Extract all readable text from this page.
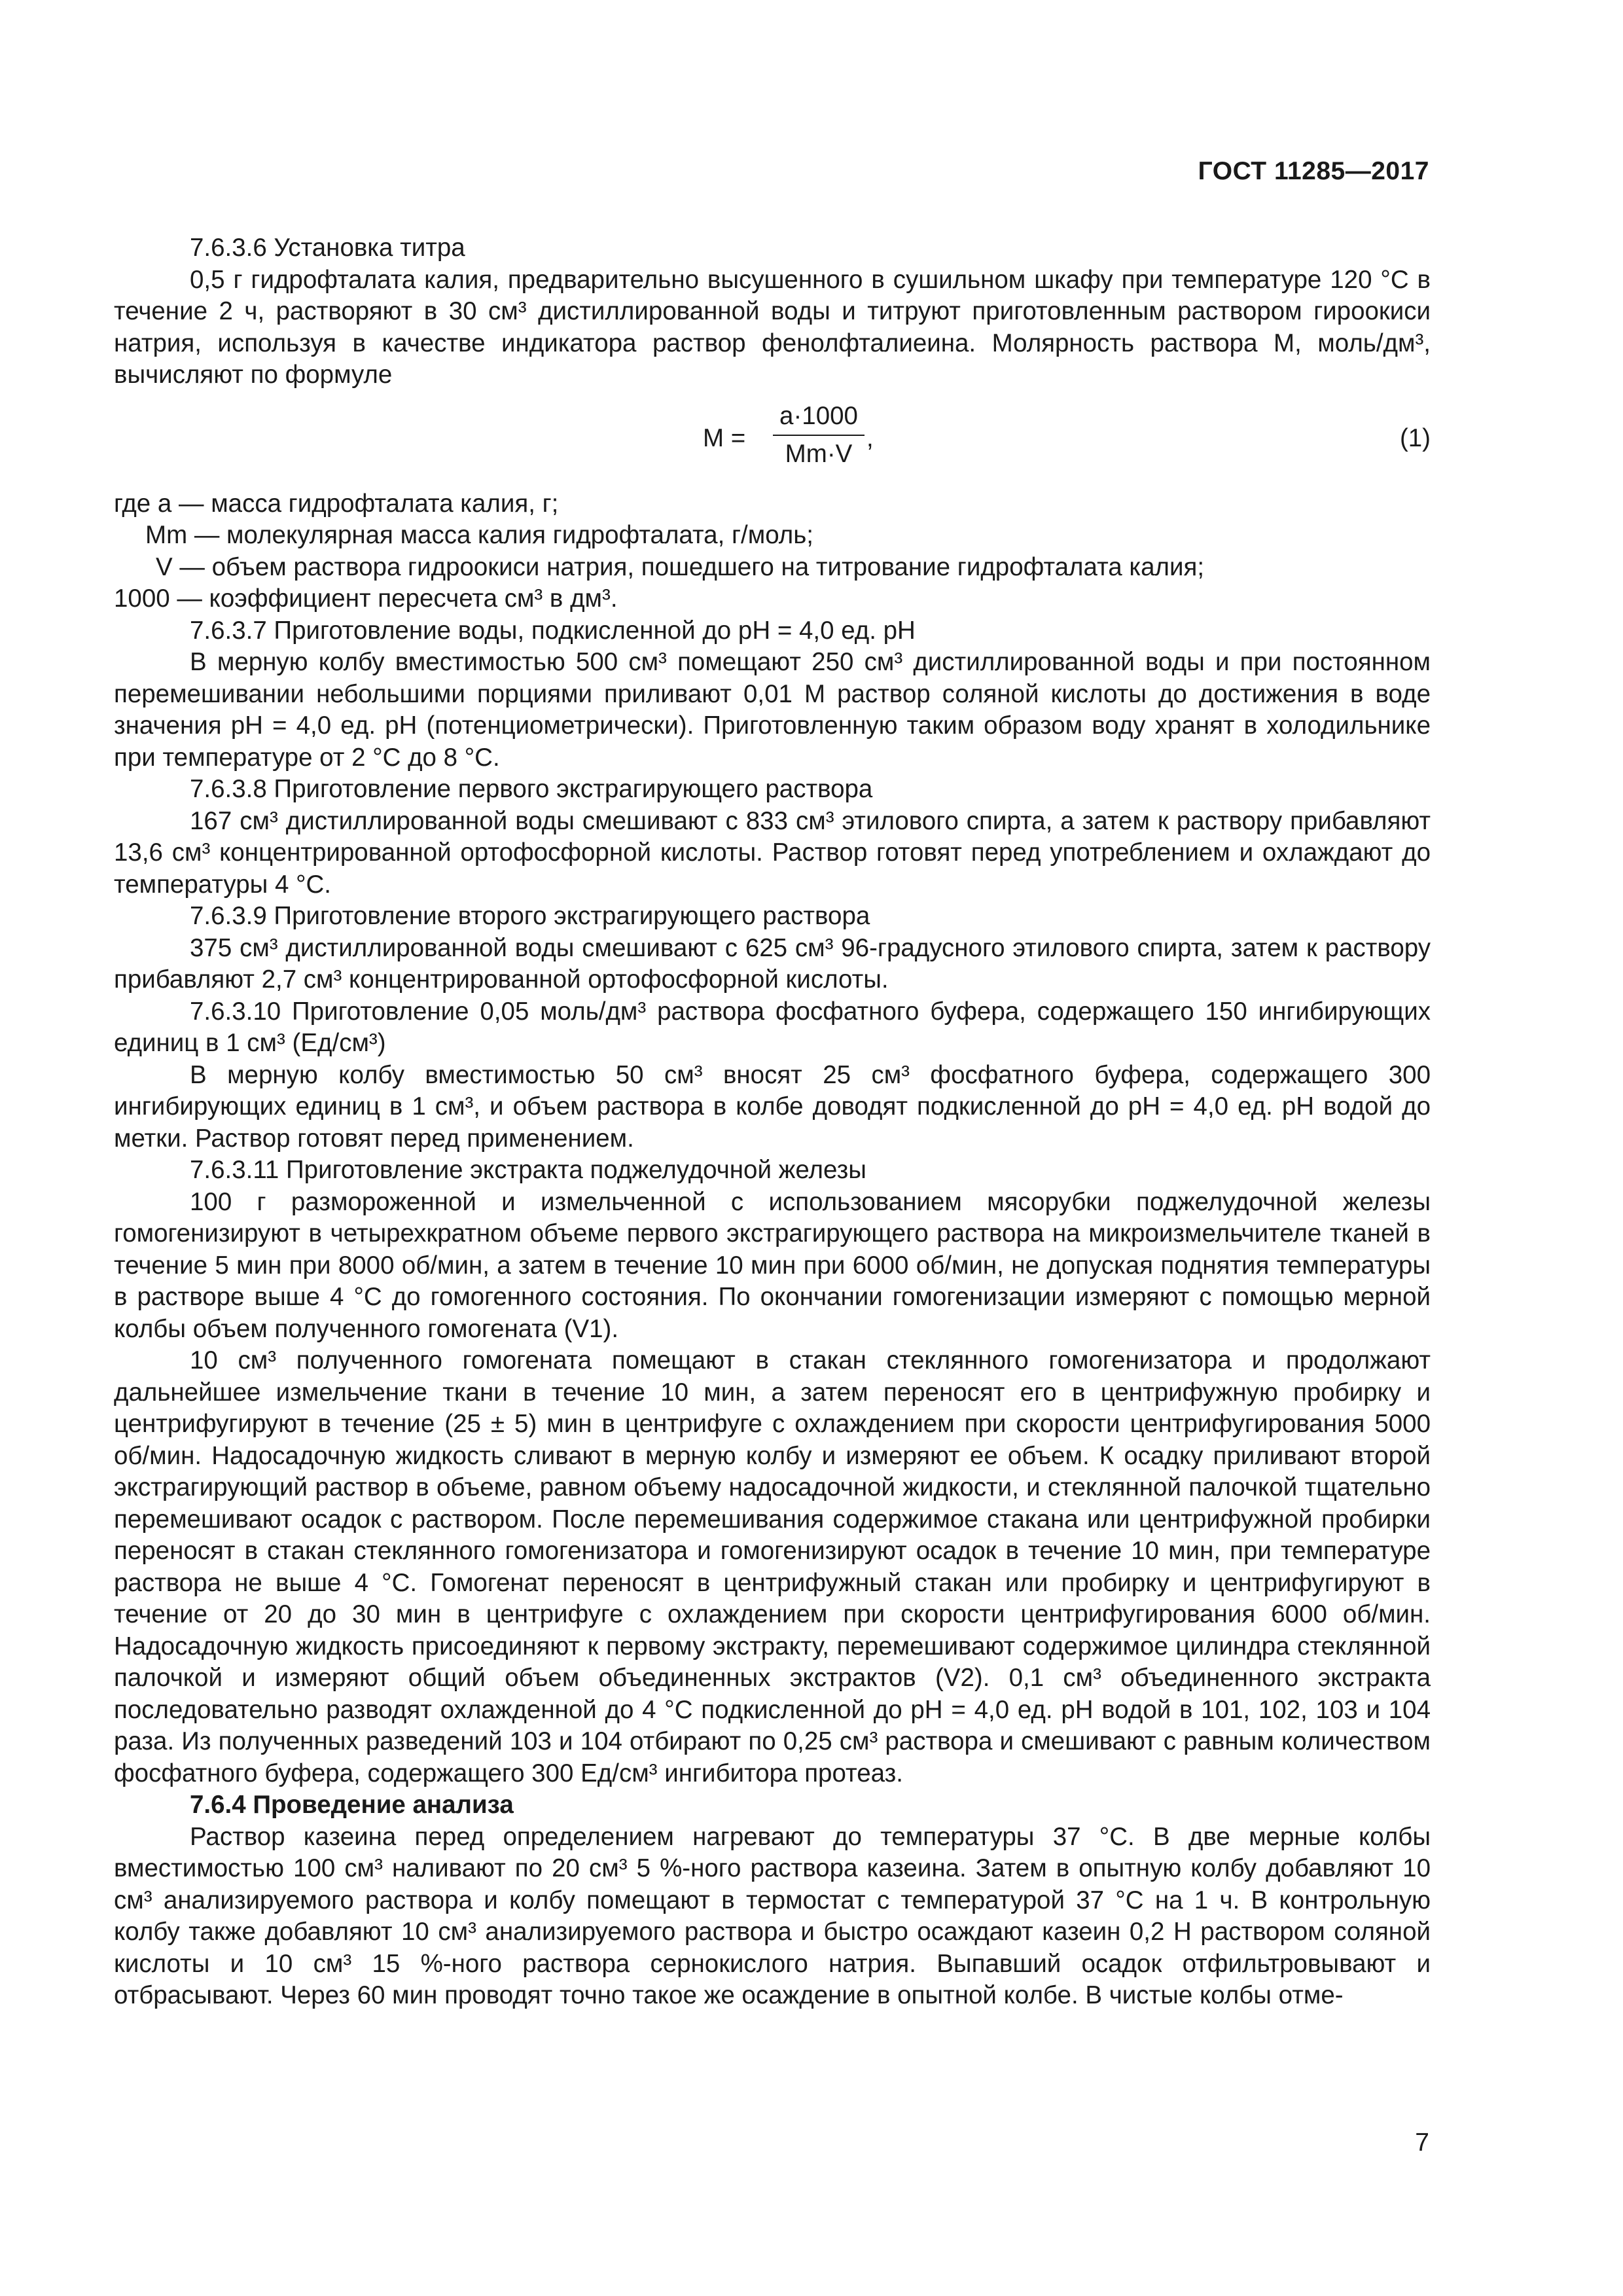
ГОСТ 11285—2017

7.6.3.6 Установка титра

0,5 г гидрофталата калия, предварительно высушенного в сушильном шкафу при температуре 120 °С в течение 2 ч, растворяют в 30 см³ дистиллированной воды и титруют приготовленным раствором гироокиси натрия, используя в качестве индикатора раствор фенолфталиеина. Молярность раствора M, моль/дм³, вычисляют по формуле

$M = \frac{a\cdot 1000}{Mm\cdot V}$ ,	(1)

где a — масса гидрофталата калия, г;

Mm — молекулярная масса калия гидрофталата, г/моль;

V — объем раствора гидроокиси натрия, пошедшего на титрование гидрофталата калия;

1000 — коэффициент пересчета см³ в дм³.

7.6.3.7 Приготовление воды, подкисленной до pH = 4,0 ед. pH

В мерную колбу вместимостью 500 см³ помещают 250 см³ дистиллированной воды и при постоянном перемешивании небольшими порциями приливают 0,01 М раствор соляной кислоты до достижения в воде значения pH = 4,0 ед. pH (потенциометрически). Приготовленную таким образом воду хранят в холодильнике при температуре от 2 °С до 8 °С.

7.6.3.8 Приготовление первого экстрагирующего раствора

167 см³ дистиллированной воды смешивают с 833 см³ этилового спирта, а затем к раствору прибавляют 13,6 см³ концентрированной ортофосфорной кислоты. Раствор готовят перед употреблением и охлаждают до температуры 4 °С.

7.6.3.9 Приготовление второго экстрагирующего раствора

375 см³ дистиллированной воды смешивают с 625 см³ 96-градусного этилового спирта, затем к раствору прибавляют 2,7 см³ концентрированной ортофосфорной кислоты.

7.6.3.10 Приготовление 0,05 моль/дм³ раствора фосфатного буфера, содержащего 150 ингибирующих единиц в 1 см³ (Ед/см³)

В мерную колбу вместимостью 50 см³ вносят 25 см³ фосфатного буфера, содержащего 300 ингибирующих единиц в 1 см³, и объем раствора в колбе доводят подкисленной до pH = 4,0 ед. pH водой до метки. Раствор готовят перед применением.

7.6.3.11 Приготовление экстракта поджелудочной железы

100 г размороженной и измельченной с использованием мясорубки поджелудочной железы гомогенизируют в четырехкратном объеме первого экстрагирующего раствора на микроизмельчителе тканей в течение 5 мин при 8000 об/мин, а затем в течение 10 мин при 6000 об/мин, не допуская поднятия температуры в растворе выше 4 °С до гомогенного состояния. По окончании гомогенизации измеряют с помощью мерной колбы объем полученного гомогената (V1).

10 см³ полученного гомогената помещают в стакан стеклянного гомогенизатора и продолжают дальнейшее измельчение ткани в течение 10 мин, а затем переносят его в центрифужную пробирку и центрифугируют в течение (25 ± 5) мин в центрифуге с охлаждением при скорости центрифугирования 5000 об/мин. Надосадочную жидкость сливают в мерную колбу и измеряют ее объем. К осадку приливают второй экстрагирующий раствор в объеме, равном объему надосадочной жидкости, и стеклянной палочкой тщательно перемешивают осадок с раствором. После перемешивания содержимое стакана или центрифужной пробирки переносят в стакан стеклянного гомогенизатора и гомогенизируют осадок в течение 10 мин, при температуре раствора не выше 4 °С. Гомогенат переносят в центрифужный стакан или пробирку и центрифугируют в течение от 20 до 30 мин в центрифуге с охлаждением при скорости центрифугирования 6000 об/мин. Надосадочную жидкость присоединяют к первому экстракту, перемешивают содержимое цилиндра стеклянной палочкой и измеряют общий объем объединенных экстрактов (V2). 0,1 см³ объединенного экстракта последовательно разводят охлажденной до 4 °С подкисленной до pH = 4,0 ед. pH водой в 101, 102, 103 и 104 раза. Из полученных разведений 103 и 104 отбирают по 0,25 см³ раствора и смешивают с равным количеством фосфатного буфера, содержащего 300 Ед/см³ ингибитора протеаз.

7.6.4 Проведение анализа

Раствор казеина перед определением нагревают до температуры 37 °С. В две мерные колбы вместимостью 100 см³ наливают по 20 см³ 5 %-ного раствора казеина. Затем в опытную колбу добавляют 10 см³ анализируемого раствора и колбу помещают в термостат с температурой 37 °С на 1 ч. В контрольную колбу также добавляют 10 см³ анализируемого раствора и быстро осаждают казеин 0,2 Н раствором соляной кислоты и 10 см³ 15 %-ного раствора сернокислого натрия. Выпавший осадок отфильтровывают и отбрасывают. Через 60 мин проводят точно такое же осаждение в опытной колбе. В чистые колбы отме-

7
